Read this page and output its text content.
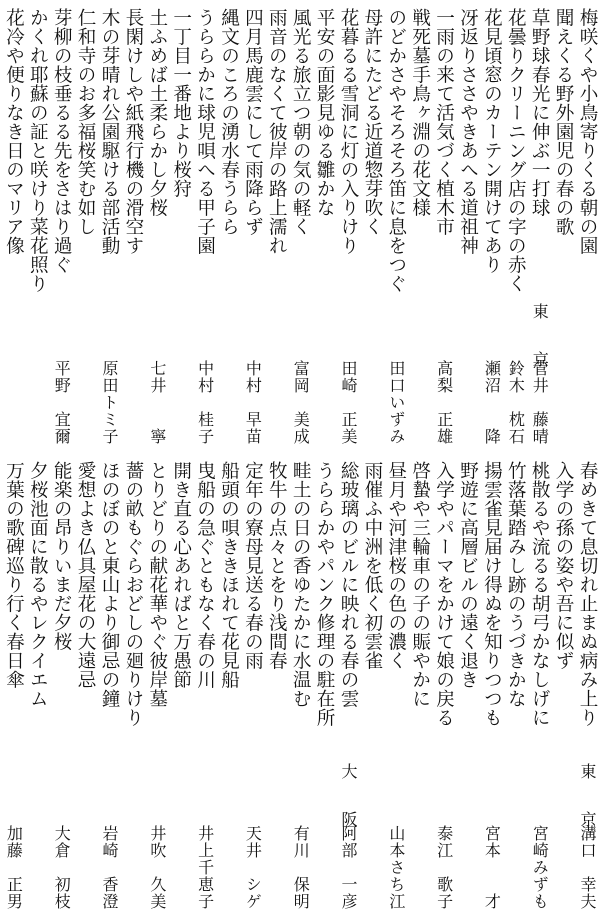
梅咲くや小鳥寄りくる朝の園
聞えくる野外園児の春の歌
草野球春光に伸ぶ一打球
東　京
菅井　藤晴
花曇りクリーニング店の字の赤く
鈴木　枕石
花見頃窓のカーテン開けてあり
瀬沼　　降
冴返りささやきあへる道祖神
一雨の来て活気づく植木市
高梨　正雄
戦死墓手鳥ヶ淵の花文様
のどかさやそろそろ笛に息をつぐ
田口いずみ
母許にたどる近道惣芽吹く
花暮るる雪洞に灯の入りけり
田崎　正美
平安の面影見ゆる雛かな
風光る旅立つ朝の気の軽く
富岡　美成
雨音のなくて彼岸の路上濡れ
四月馬鹿雲にして雨降らず
中村　早苗
縄文のころの湧水春うらら
うららかに球児唄へる甲子園
中村　桂子
一丁目一番地より桜狩
土ふめば土柔らかし夕桜
七井　　寧
長閑けしや紙飛行機の滑空す
木の芽晴れ公園駆ける部活動
原田トミ子
仁和寺のお多福桜笑む如し
芽柳の枝垂るる先をさはり過ぐ
平野　宜爾
かくれ耶蘇の証と咲けり菜花照り
花冷や便りなき日のマリア像
春めきて息切れ止まぬ病み上り
東　京
溝口　幸夫
入学の孫の姿や吾に似ず
桃散るや流るる胡弓かなしげに
宮崎みずも
竹落葉踏みし跡のうづきかな
揚雲雀見届け得ぬを知りつつも
宮本　　才
野遊に高層ビルの遠く退き
入学やパーマをかけて娘の戻る
泰江　歌子
啓蟄や三輪車の子の賑やかに
昼月や河津桜の色の濃く
山本さち江
雨催ふ中洲を低く初雲雀
総玻璃のビルに映れる春の雲
大　阪
阿部　一彦
うららかやパンク修理の駐在所
畦土の日の香ゆたかに水温む
有川　保明
牧牛の点々とをり浅間春
定年の寮母見送る春の雨
天井　シゲ
船頭の唄ききほれて花見船
曳船の急ぐともなく春の川
井上千恵子
開き直る心あればと万愚節
とりどりの献花華やぐ彼岸墓
井吹　久美
薔の畝もぐらおどしの廻りけり
ほのぼのと東山より御忌の鐘
岩崎　香澄
愛想よき仏具屋花の大遠忌
能楽の昂りいまだ夕桜
大倉　初枝
夕桜池面に散るやレクイエム
万葉の歌碑巡り行く春日傘
加藤　正男
